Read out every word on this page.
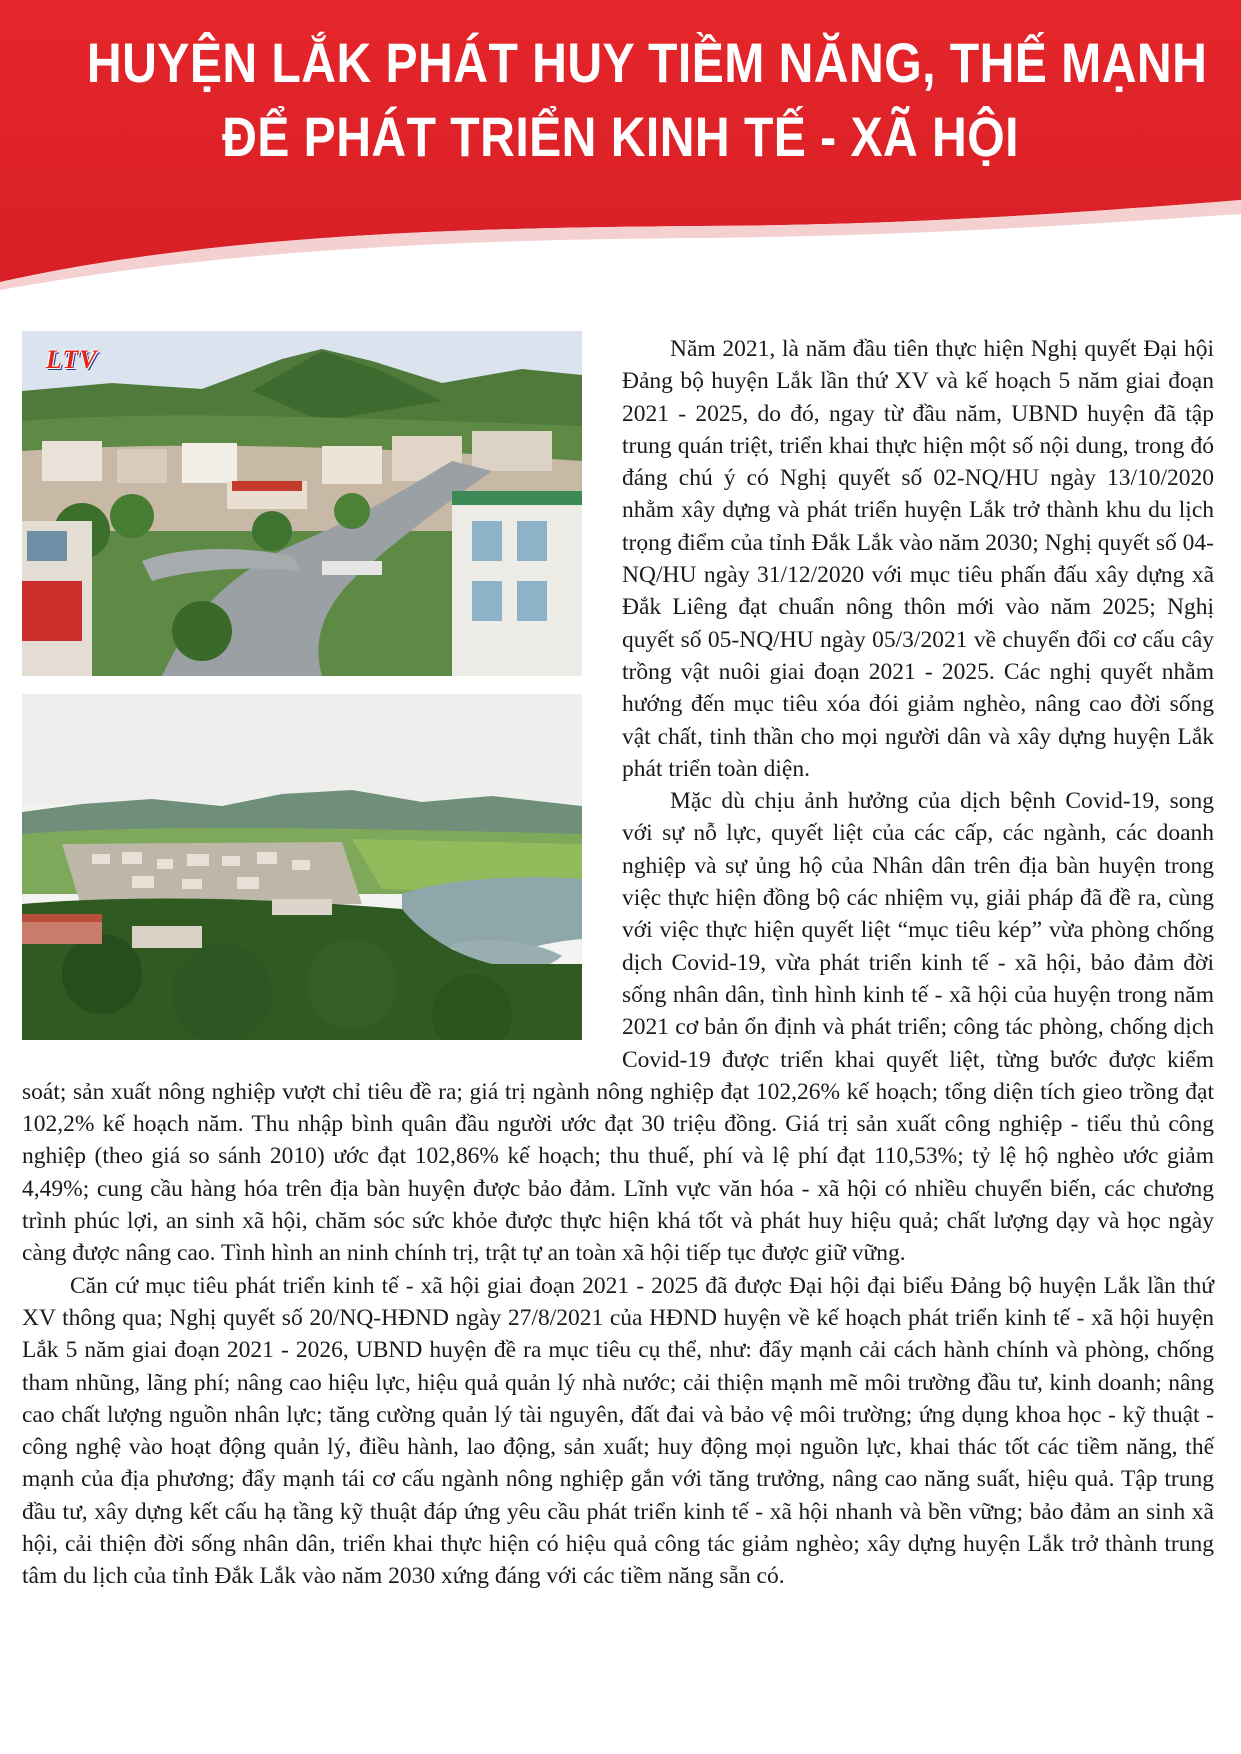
HUYỆN LẮK PHÁT HUY TIỀM NĂNG, THẾ MẠNH
ĐỂ PHÁT TRIỂN KINH TẾ - XÃ HỘI
LTV	Năm 2021, là năm đầu tiên thực hiện Nghị quyết Đại hội Đảng bộ huyện Lắk lần thứ XV và kế hoạch 5 năm giai đoạn 2021 - 2025, do đó, ngay từ đầu năm, UBND huyện đã tập trung quán triệt, triển khai thực hiện một số nội dung, trong đó đáng chú ý có Nghị quyết số 02-NQ/HU ngày 13/10/2020 nhằm xây dựng và phát triển huyện Lắk trở thành khu du lịch trọng điểm của tỉnh Đắk Lắk vào năm 2030; Nghị quyết số 04-NQ/HU ngày 31/12/2020 với mục tiêu phấn đấu xây dựng xã Đắk Liêng đạt chuẩn nông thôn mới vào năm 2025; Nghị quyết số 05-NQ/HU ngày 05/3/2021 về chuyển đổi cơ cấu cây trồng vật nuôi giai đoạn 2021 - 2025. Các nghị quyết nhằm hướng đến mục tiêu xóa đói giảm nghèo, nâng cao đời sống vật chất, tinh thần cho mọi người dân và xây dựng huyện Lắk phát triển toàn diện.

Mặc dù chịu ảnh hưởng của dịch bệnh Covid-19, song với sự nỗ lực, quyết liệt của các cấp, các ngành, các doanh nghiệp và sự ủng hộ của Nhân dân trên địa bàn huyện trong việc thực hiện đồng bộ các nhiệm vụ, giải pháp đã đề ra, cùng với việc thực hiện quyết liệt “mục tiêu kép” vừa phòng chống dịch Covid-19, vừa phát triển kinh tế - xã hội, bảo đảm đời sống nhân dân, tình hình kinh tế - xã hội của huyện trong năm 2021 cơ bản ổn định và phát triển; công tác phòng, chống dịch Covid-19 được triển khai quyết liệt, từng bước được kiểm soát; sản xuất nông nghiệp vượt chỉ tiêu đề ra; giá trị ngành nông nghiệp đạt 102,26% kế hoạch; tổng diện tích gieo trồng đạt 102,2% kế hoạch năm. Thu nhập bình quân đầu người ước đạt 30 triệu đồng. Giá trị sản xuất công nghiệp - tiểu thủ công nghiệp (theo giá so sánh 2010) ước đạt 102,86% kế hoạch; thu thuế, phí và lệ phí đạt 110,53%; tỷ lệ hộ nghèo ước giảm 4,49%; cung cầu hàng hóa trên địa bàn huyện được bảo đảm. Lĩnh vực văn hóa - xã hội có nhiều chuyển biến, các chương trình phúc lợi, an sinh xã hội, chăm sóc sức khỏe được thực hiện khá tốt và phát huy hiệu quả; chất lượng dạy và học ngày càng được nâng cao. Tình hình an ninh chính trị, trật tự an toàn xã hội tiếp tục được giữ vững.

Căn cứ mục tiêu phát triển kinh tế - xã hội giai đoạn 2021 - 2025 đã được Đại hội đại biểu Đảng bộ huyện Lắk lần thứ XV thông qua; Nghị quyết số 20/NQ-HĐND ngày 27/8/2021 của HĐND huyện về kế hoạch phát triển kinh tế - xã hội huyện Lắk 5 năm giai đoạn 2021 - 2026, UBND huyện đề ra mục tiêu cụ thể, như: đẩy mạnh cải cách hành chính và phòng, chống tham nhũng, lãng phí; nâng cao hiệu lực, hiệu quả quản lý nhà nước; cải thiện mạnh mẽ môi trường đầu tư, kinh doanh; nâng cao chất lượng nguồn nhân lực; tăng cường quản lý tài nguyên, đất đai và bảo vệ môi trường; ứng dụng khoa học - kỹ thuật - công nghệ vào hoạt động quản lý, điều hành, lao động, sản xuất; huy động mọi nguồn lực, khai thác tốt các tiềm năng, thế mạnh của địa phương; đẩy mạnh tái cơ cấu ngành nông nghiệp gắn với tăng trưởng, nâng cao năng suất, hiệu quả. Tập trung đầu tư, xây dựng kết cấu hạ tầng kỹ thuật đáp ứng yêu cầu phát triển kinh tế - xã hội nhanh và bền vững; bảo đảm an sinh xã hội, cải thiện đời sống nhân dân, triển khai thực hiện có hiệu quả công tác giảm nghèo; xây dựng huyện Lắk trở thành trung tâm du lịch của tỉnh Đắk Lắk vào năm 2030 xứng đáng với các tiềm năng sẵn có.
